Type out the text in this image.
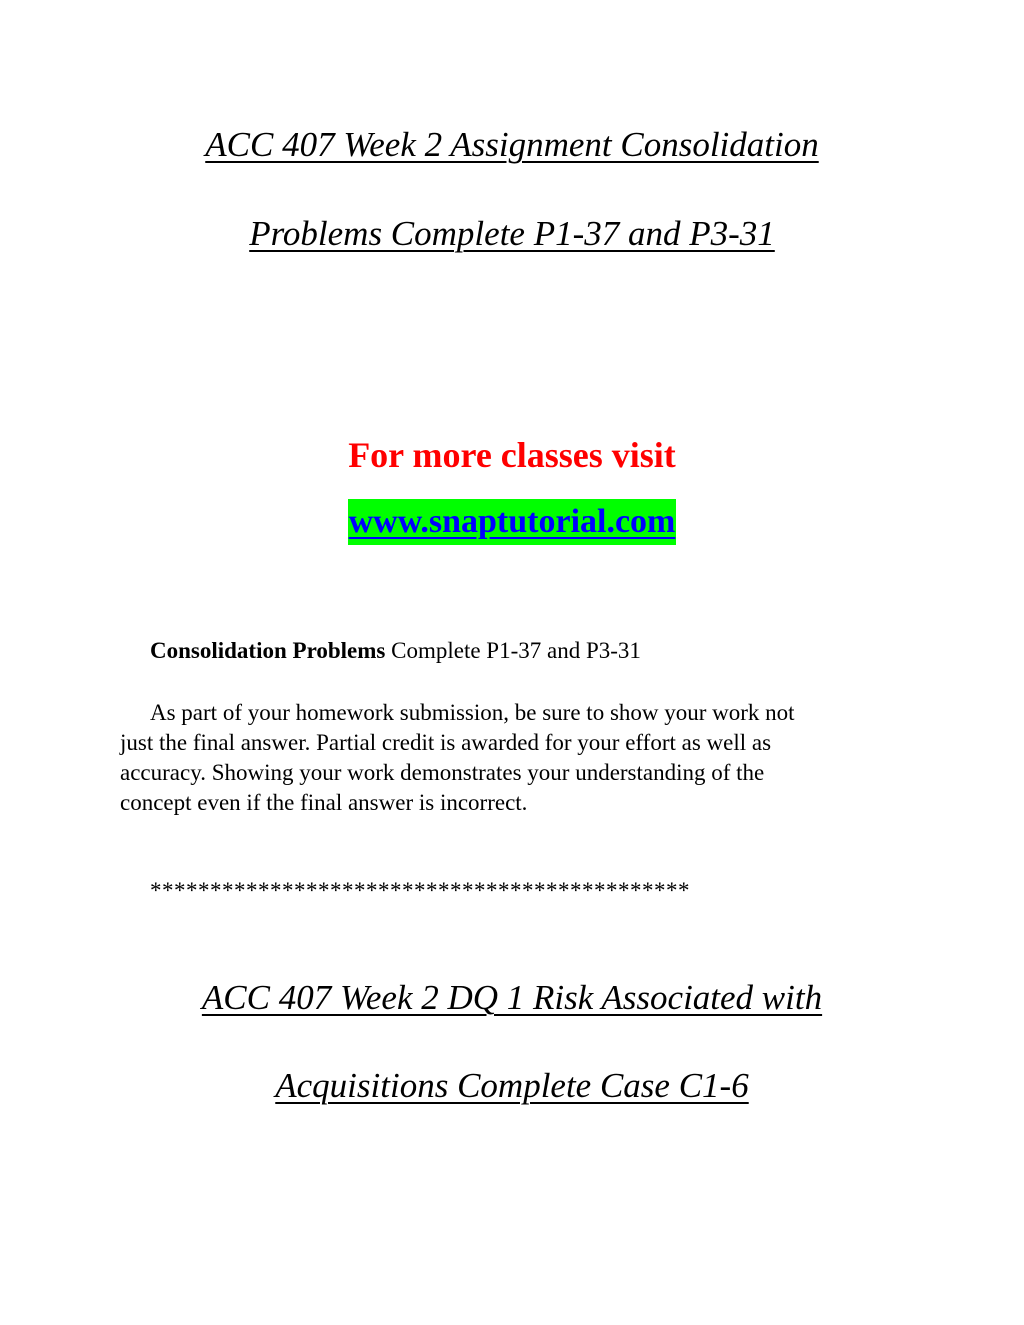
ACC 407 Week 2 Assignment Consolidation
Problems Complete P1-37 and P3-31
For more classes visit
www.snaptutorial.com
Consolidation Problems Complete P1-37 and P3-31
As part of your homework submission, be sure to show your work not
just the final answer. Partial credit is awarded for your effort as well as
accuracy. Showing your work demonstrates your understanding of the
concept even if the final answer is incorrect.
*********************************************
ACC 407 Week 2 DQ 1 Risk Associated with
Acquisitions Complete Case C1-6
